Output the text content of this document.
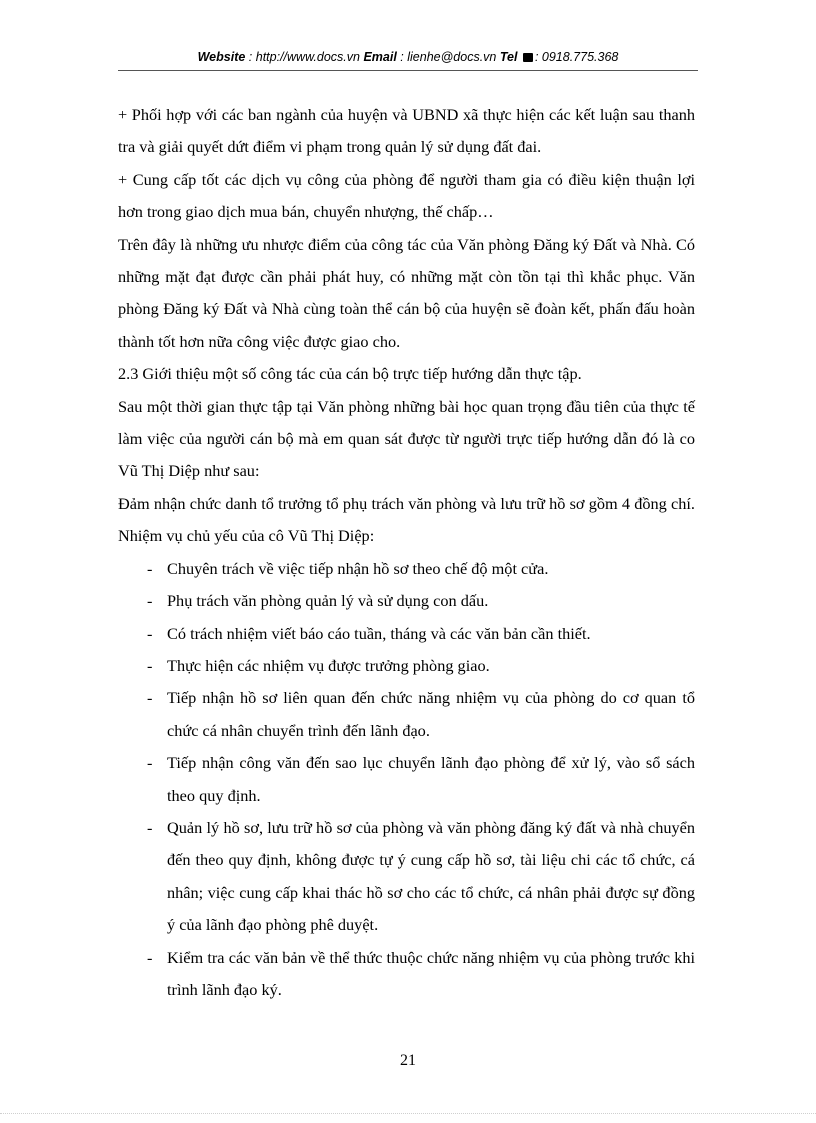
Website : http://www.docs.vn Email : lienhe@docs.vn Tel : 0918.775.368

+ Phối hợp với các ban ngành của huyện và UBND xã thực hiện các kết luận sau thanh tra và giải quyết dứt điểm vi phạm trong quản lý sử dụng đất đai.

+ Cung cấp tốt các dịch vụ công của phòng để người tham gia có điều kiện thuận lợi hơn trong giao dịch mua bán, chuyển nhượng, thế chấp…

Trên đây là những ưu nhược điểm của công tác của Văn phòng Đăng ký Đất và Nhà. Có những mặt đạt được cần phải phát huy, có những mặt còn tồn tại thì khắc phục. Văn phòng Đăng ký Đất và Nhà cùng toàn thể cán bộ của huyện sẽ đoàn kết, phấn đấu hoàn thành tốt hơn nữa công việc được giao cho.

2.3 Giới thiệu một số công tác của cán bộ trực tiếp hướng dẫn thực tập.

Sau một thời gian thực tập tại Văn phòng những bài học quan trọng đầu tiên của thực tế làm việc của người cán bộ mà em quan sát được từ người trực tiếp hướng dẫn đó là co Vũ Thị Diệp như sau:

Đảm nhận chức danh tổ trưởng tổ phụ trách văn phòng và lưu trữ hồ sơ gồm 4 đồng chí. Nhiệm vụ chủ yếu của cô Vũ Thị Diệp:

- Chuyên trách về việc tiếp nhận hồ sơ theo chế độ một cửa.
- Phụ trách văn phòng quản lý và sử dụng con dấu.
- Có trách nhiệm viết báo cáo tuần, tháng và các văn bản cần thiết.
- Thực hiện các nhiệm vụ được trưởng phòng giao.
- Tiếp nhận hồ sơ liên quan đến chức năng nhiệm vụ của phòng do cơ quan tổ chức cá nhân chuyển trình đến lãnh đạo.
- Tiếp nhận công văn đến sao lục chuyển lãnh đạo phòng để xử lý, vào sổ sách theo quy định.
- Quản lý hồ sơ, lưu trữ hồ sơ của phòng và văn phòng đăng ký đất và nhà chuyển đến theo quy định, không được tự ý cung cấp hồ sơ, tài liệu chi các tổ chức, cá nhân; việc cung cấp khai thác hồ sơ cho các tổ chức, cá nhân phải được sự đồng ý của lãnh đạo phòng phê duyệt.
- Kiểm tra các văn bản về thể thức thuộc chức năng nhiệm vụ của phòng trước khi trình lãnh đạo ký.
21
